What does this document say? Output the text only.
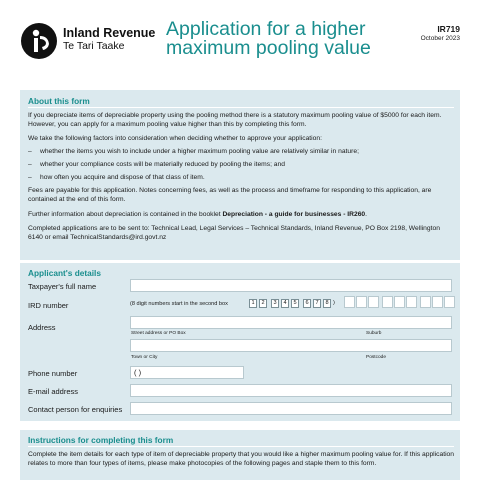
Inland Revenue
Te Tari Taake
Application for a higher
maximum pooling value
IR719
October 2023
About this form
If you depreciate items of depreciable property using the pooling method there is a statutory maximum pooling value of $5000 for each item. However, you can apply for a maximum pooling value higher than this by completing this form.
We take the following factors into consideration when deciding whether to approve your application:
– whether the items you wish to include under a higher maximum pooling value are relatively similar in nature;
– whether your compliance costs will be materially reduced by pooling the items; and
– how often you acquire and dispose of that class of item.
Fees are payable for this application. Notes concerning fees, as well as the process and timeframe for responding to this application, are contained at the end of this form.
Further information about depreciation is contained in the booklet Depreciation - a guide for businesses - IR260.
Completed applications are to be sent to: Technical Lead, Legal Services – Technical Standards, Inland Revenue, PO Box 2198, Wellington 6140 or email TechnicalStandards@ird.govt.nz
Applicant's details
Taxpayer's full name
IRD number	(8 digit numbers start in the second box	1	2	3	4	5	6	7	8 )
Address
Street address or PO Box	Suburb
Town or City	Postcode
Phone number	( )
E-mail address
Contact person for enquiries
Instructions for completing this form
Complete the item details for each type of item of depreciable property that you would like a higher maximum pooling value for. If this application relates to more than four types of items, please make photocopies of the following pages and staple them to this form.
